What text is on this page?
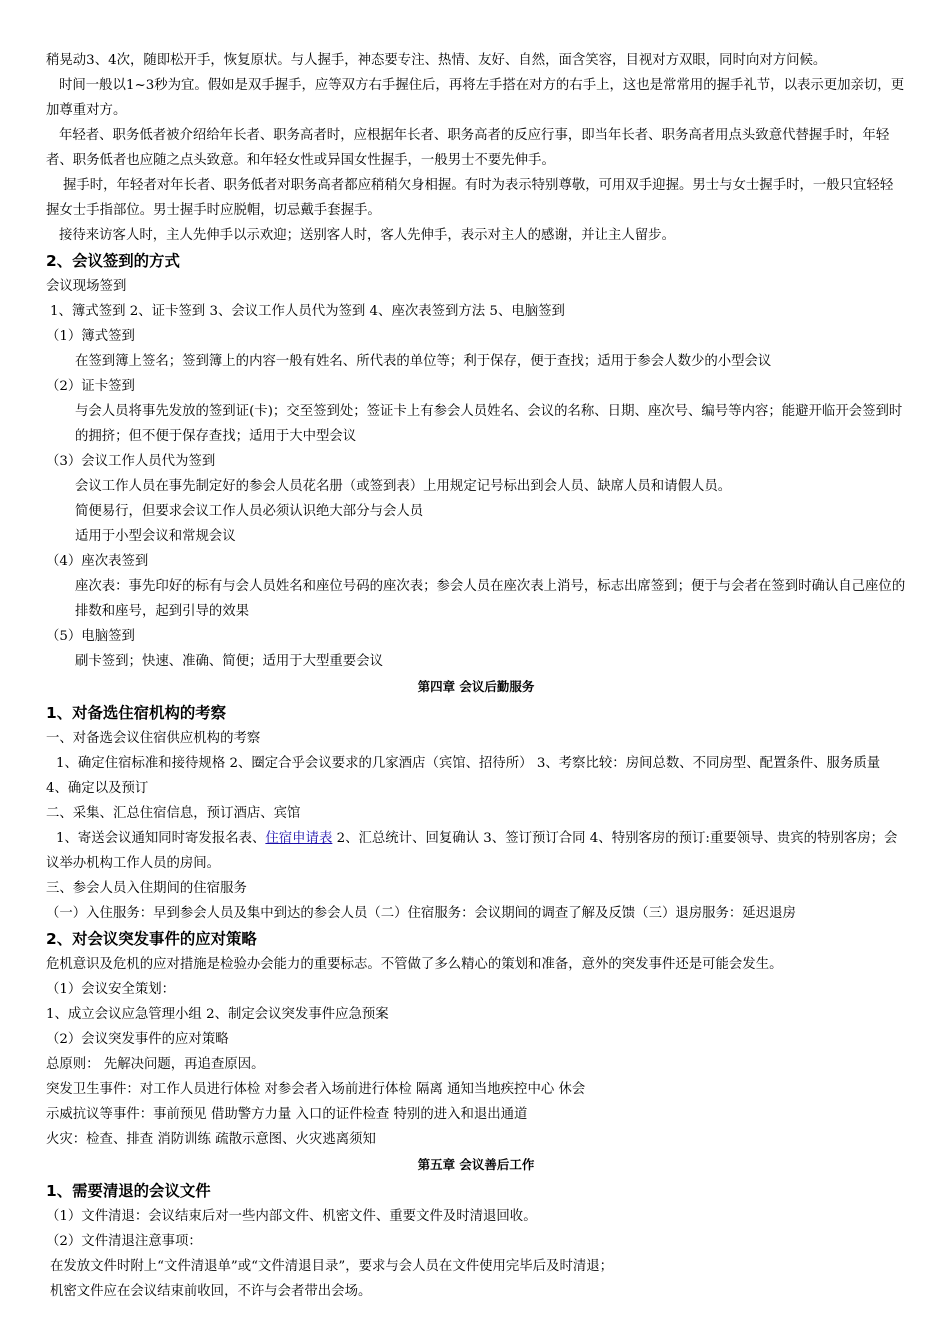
稍晃动3、4次，随即松开手，恢复原状。与人握手，神态要专注、热情、友好、自然，面含笑容，目视对方双眼，同时向对方问候。

时间一般以1~3秒为宜。假如是双手握手，应等双方右手握住后，再将左手搭在对方的右手上，这也是常常用的握手礼节，以表示更加亲切，更加尊重对方。

年轻者、职务低者被介绍给年长者、职务高者时，应根据年长者、职务高者的反应行事，即当年长者、职务高者用点头致意代替握手时，年轻者、职务低者也应随之点头致意。和年轻女性或异国女性握手，一般男士不要先伸手。

握手时，年轻者对年长者、职务低者对职务高者都应稍稍欠身相握。有时为表示特别尊敬，可用双手迎握。男士与女士握手时，一般只宜轻轻握女士手指部位。男士握手时应脱帽，切忌戴手套握手。

接待来访客人时，主人先伸手以示欢迎；送别客人时，客人先伸手，表示对主人的感谢，并让主人留步。

2、会议签到的方式

会议现场签到

1、簿式签到 2、证卡签到 3、会议工作人员代为签到 4、座次表签到方法 5、电脑签到

（1）簿式签到

在签到簿上签名；签到簿上的内容一般有姓名、所代表的单位等；利于保存，便于查找；适用于参会人数少的小型会议

（2）证卡签到

与会人员将事先发放的签到证(卡)；交至签到处；签证卡上有参会人员姓名、会议的名称、日期、座次号、编号等内容；能避开临开会签到时的拥挤；但不便于保存查找；适用于大中型会议

（3）会议工作人员代为签到

会议工作人员在事先制定好的参会人员花名册（或签到表）上用规定记号标出到会人员、缺席人员和请假人员。

简便易行，但要求会议工作人员必须认识绝大部分与会人员

适用于小型会议和常规会议

（4）座次表签到

座次表：事先印好的标有与会人员姓名和座位号码的座次表；参会人员在座次表上消号，标志出席签到；便于与会者在签到时确认自己座位的排数和座号，起到引导的效果

（5）电脑签到

刷卡签到；快速、准确、简便；适用于大型重要会议

第四章 会议后勤服务
1、对备选住宿机构的考察

一、对备选会议住宿供应机构的考察

1、确定住宿标准和接待规格 2、圈定合乎会议要求的几家酒店（宾馆、招待所） 3、考察比较：房间总数、不同房型、配置条件、服务质量 4、确定以及预订

二、采集、汇总住宿信息，预订酒店、宾馆

1、寄送会议通知同时寄发报名表、住宿申请表 2、汇总统计、回复确认 3、签订预订合同 4、特别客房的预订:重要领导、贵宾的特别客房；会议举办机构工作人员的房间。

三、参会人员入住期间的住宿服务

（一）入住服务：早到参会人员及集中到达的参会人员（二）住宿服务：会议期间的调查了解及反馈（三）退房服务：延迟退房

2、对会议突发事件的应对策略

危机意识及危机的应对措施是检验办会能力的重要标志。不管做了多么精心的策划和准备，意外的突发事件还是可能会发生。

（1）会议安全策划：

1、成立会议应急管理小组 2、制定会议突发事件应急预案

（2）会议突发事件的应对策略

总原则： 先解决问题，再追查原因。

突发卫生事件：对工作人员进行体检 对参会者入场前进行体检 隔离 通知当地疾控中心 休会

示威抗议等事件：事前预见 借助警方力量 入口的证件检查 特别的进入和退出通道

火灾：检查、排查 消防训练 疏散示意图、火灾逃离须知

第五章 会议善后工作
1、需要清退的会议文件

（1）文件清退：会议结束后对一些内部文件、机密文件、重要文件及时清退回收。

（2）文件清退注意事项：

在发放文件时附上“文件清退单”或“文件清退目录”，要求与会人员在文件使用完毕后及时清退；

机密文件应在会议结束前收回，不许与会者带出会场。
